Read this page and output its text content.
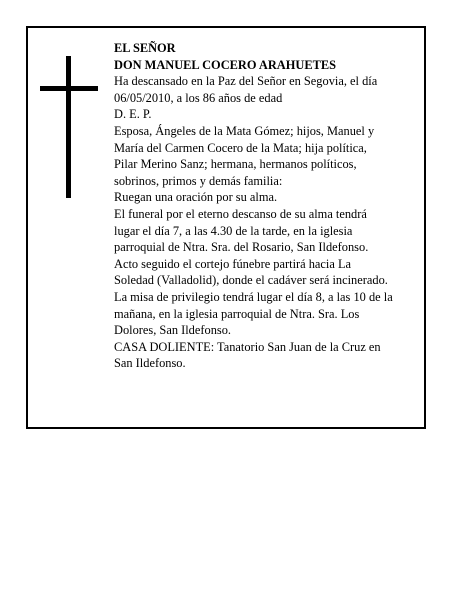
EL SEÑOR
DON MANUEL COCERO ARAHUETES
Ha descansado en la Paz del Señor en Segovia, el día
06/05/2010, a los 86 años de edad
D. E. P.
Esposa, Ángeles de la Mata Gómez; hijos, Manuel y
María del Carmen Cocero de la Mata; hija política,
Pilar Merino Sanz; hermana, hermanos políticos,
sobrinos, primos y demás familia:
Ruegan una oración por su alma.
El funeral por el eterno descanso de su alma tendrá
lugar el día 7, a las 4.30 de la tarde, en la iglesia
parroquial de Ntra. Sra. del Rosario, San Ildefonso.
Acto seguido el cortejo fúnebre partirá hacia La
Soledad (Valladolid), donde el cadáver será incinerado.
La misa de privilegio tendrá lugar el día 8, a las 10 de la
mañana, en la iglesia parroquial de Ntra. Sra. Los
Dolores, San Ildefonso.
CASA DOLIENTE: Tanatorio San Juan de la Cruz en
San Ildefonso.
